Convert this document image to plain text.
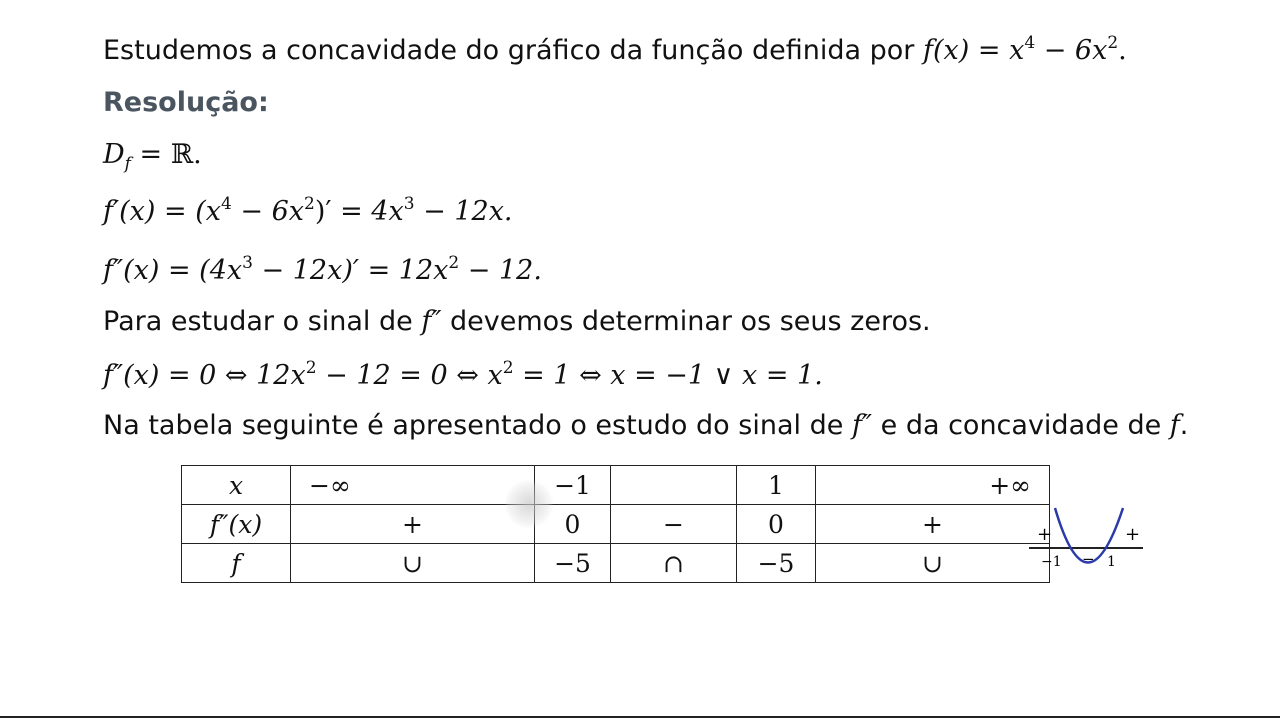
Estudemos a concavidade do gráfico da função definida por $f(x) = x^4 - 6x^2$.
Resolução:
$D_f$ = ℝ.
$f'(x) = (x^4 - 6x^2)' = 4x^3 - 12x$.
$f''(x) = (4x^3 - 12x)' = 12x^2 - 12$.
Para estudar o sinal de f″ devemos determinar os seus zeros.
f″(x) = 0 ⇔ $12x^2 - 12 = 0$ ⇔ $x^2 = 1$ ⇔ x = −1 ∨ x = 1.
Na tabela seguinte é apresentado o estudo do sinal de f″ e da concavidade de f.
x	−∞	−1		1	+∞
f″(x)	+	0	−	0	+
f	∪	−5	∩	−5	∪
+	+
−
−1	1
